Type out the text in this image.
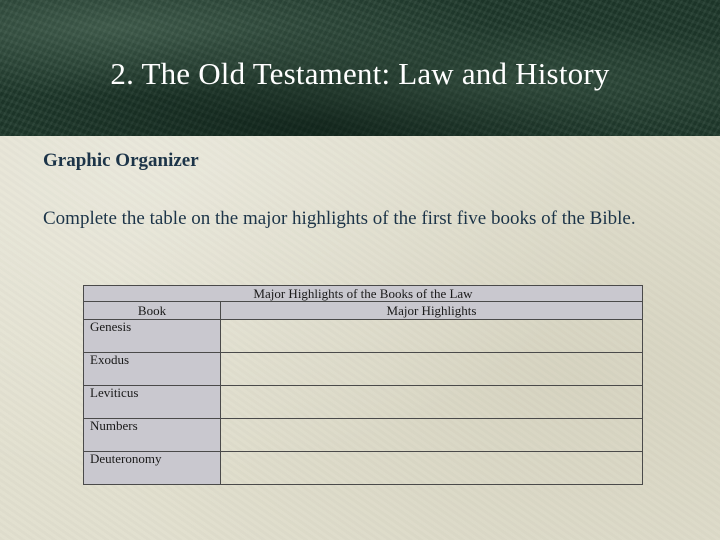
2. The Old Testament: Law and History

Graphic Organizer

Complete the table on the major highlights of the first five books of the Bible.

Major Highlights of the Books of the Law	
Book	Major Highlights
Genesis	
Exodus	
Leviticus	
Numbers	
Deuteronomy	
